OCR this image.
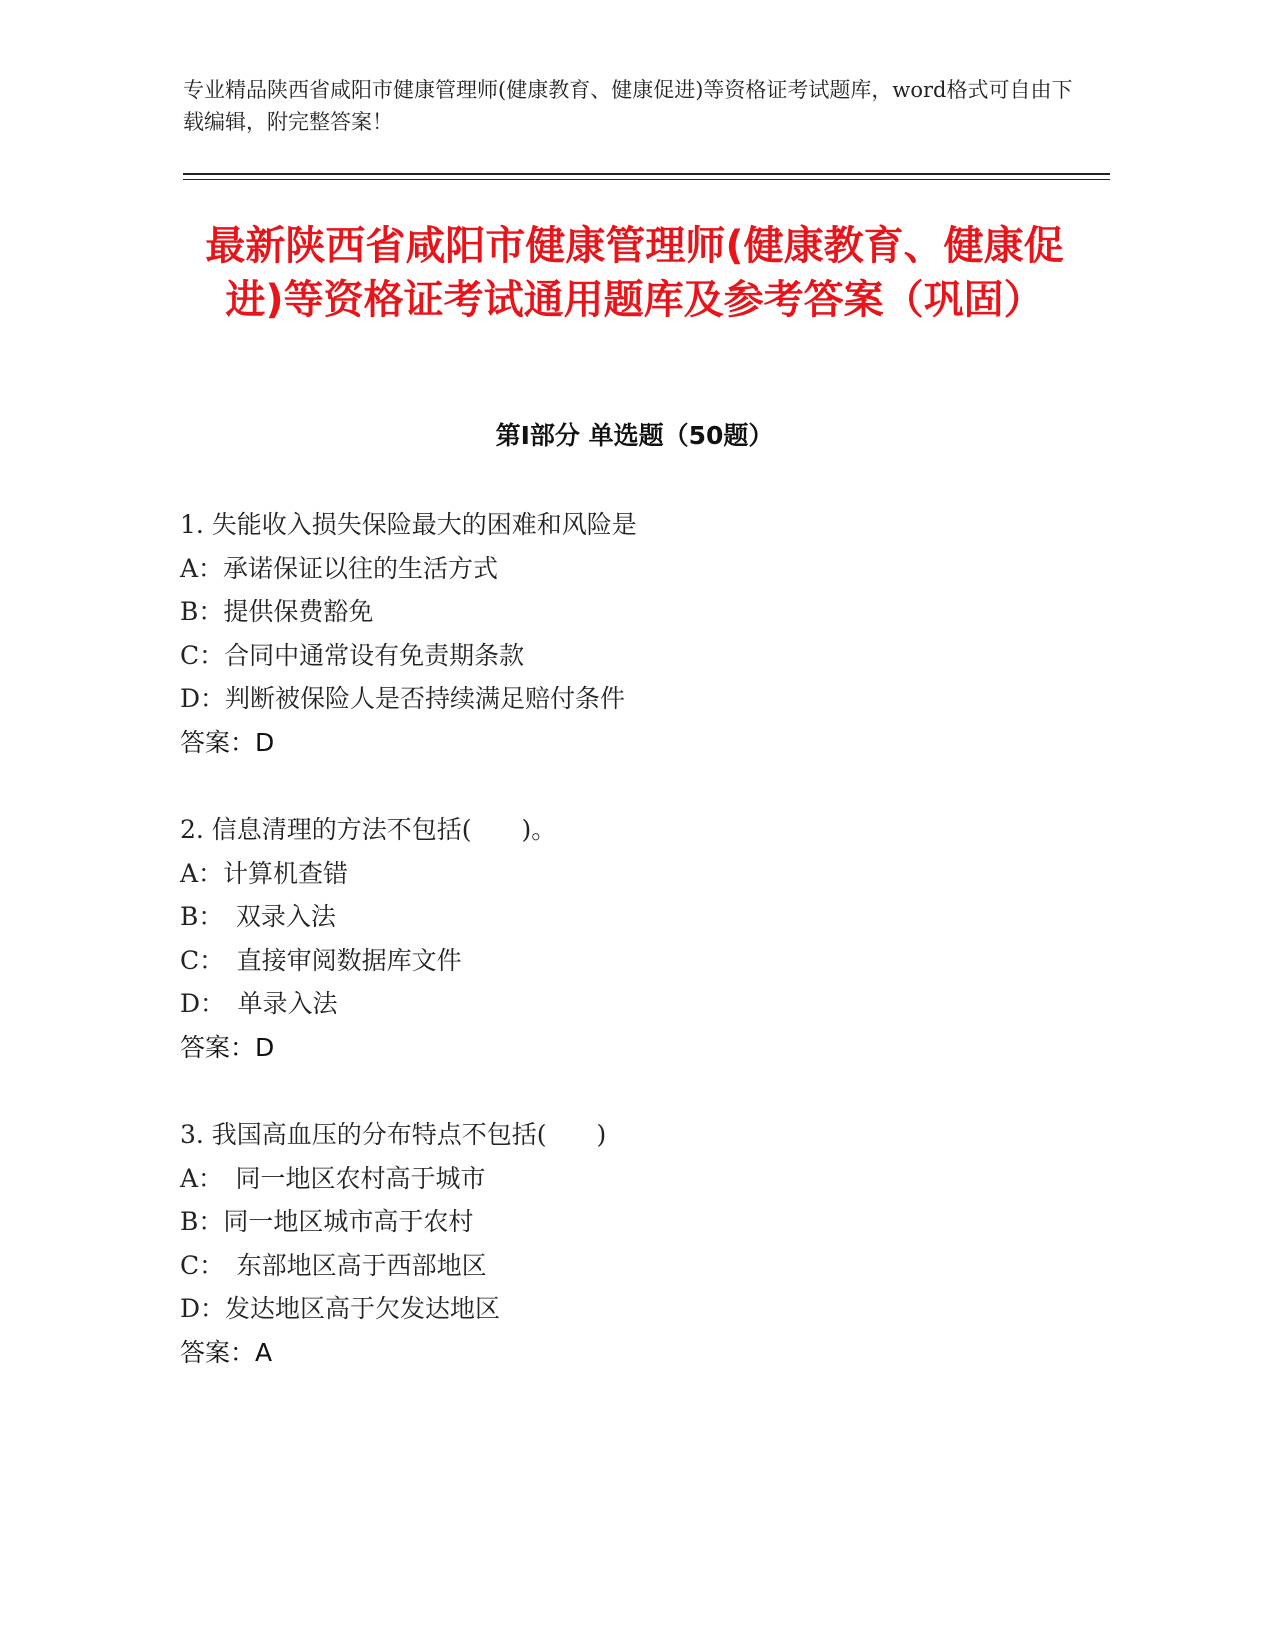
专业精品陕西省咸阳市健康管理师(健康教育、健康促进)等资格证考试题库，word格式可自由下载编辑，附完整答案！
最新陕西省咸阳市健康管理师(健康教育、健康促进)等资格证考试通用题库及参考答案（巩固）
第Ⅰ部分 单选题（50题）
1. 失能收入损失保险最大的困难和风险是
A：承诺保证以往的生活方式
B：提供保费豁免
C：合同中通常设有免责期条款
D：判断被保险人是否持续满足赔付条件
答案：D
2. 信息清理的方法不包括(　　)。
A：计算机查错
B：　双录入法
C：　直接审阅数据库文件
D：　单录入法
答案：D
3. 我国高血压的分布特点不包括(　　)
A：　同一地区农村高于城市
B：同一地区城市高于农村
C：　东部地区高于西部地区
D：发达地区高于欠发达地区
答案：A
